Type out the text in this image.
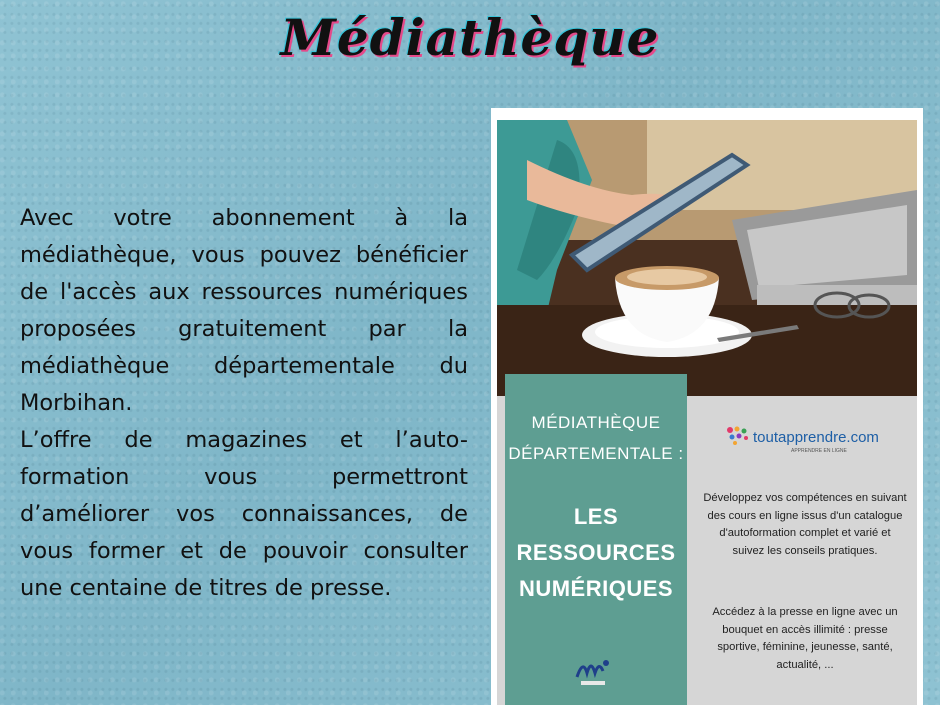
Médiathèque

Avec votre abonnement à la médiathèque, vous pouvez bénéficier de l'accès aux ressources numériques proposées gratuitement par la médiathèque départementale du Morbihan.

L’offre de magazines et l’auto-formation vous permettront d’améliorer vos connaissances, de vous former et de pouvoir consulter une centaine de titres de presse.

MÉDIATHÈQUE
DÉPARTEMENTALE :
LES
RESSOURCES
NUMÉRIQUES
toutapprendre.com
APPRENDRE EN LIGNE
Développez vos compétences en suivant des cours en ligne issus d'un catalogue d'autoformation complet et varié et suivez les conseils pratiques.
Accédez à la presse en ligne avec un bouquet en accès illimité : presse sportive, féminine, jeunesse, santé, actualité, ...
